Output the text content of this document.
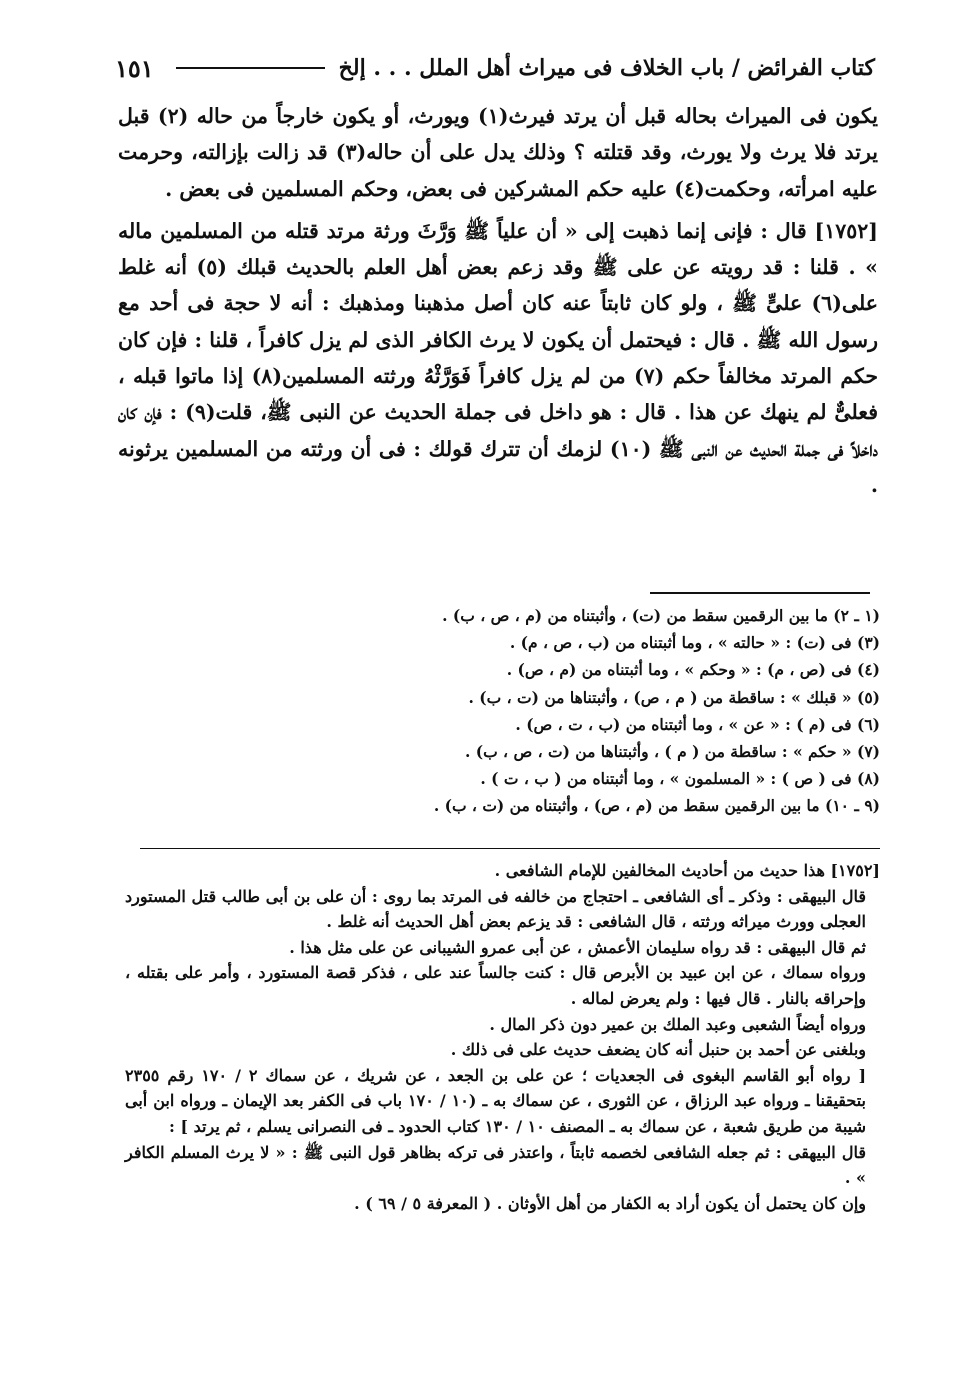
كتاب الفرائض / باب الخلاف فى ميراث أهل الملل . . . إلخ
١٥١

يكون فى الميراث بحاله قبل أن يرتد فيرث(١) ويورث، أو يكون خارجاً من حاله (٢) قبل يرتد فلا يرث ولا يورث، وقد قتلته ؟ وذلك يدل على أن حاله(٣) قد زالت بإزالته، وحرمت عليه امرأته، وحكمت(٤) عليه حكم المشركين فى بعض، وحكم المسلمين فى بعض .

[١٧٥٢] قال : فإنى إنما ذهبت إلى « أن علياً ﷺ وَرَّثَ ورثة مرتد قتله من المسلمين ماله » . قلنا : قد رويته عن على ﷺ وقد زعم بعض أهل العلم بالحديث قبلك (٥) أنه غلط على(٦) علىٍّ ﷺ ، ولو كان ثابتاً عنه كان أصل مذهبنا ومذهبك : أنه لا حجة فى أحد مع رسول الله ﷺ . قال : فيحتمل أن يكون لا يرث الكافر الذى لم يزل كافراً ، قلنا : فإن كان حكم المرتد مخالفاً حكم (٧) من لم يزل كافراً فَوَرَّثْهُ ورثته المسلمين(٨) إذا ماتوا قبله ، فعلىٌّ لم ينهك عن هذا . قال : هو داخل فى جملة الحديث عن النبى ﷺ، قلت(٩) : فإن كان داخلاً فى جملة الحديث عن النبى ﷺ (١٠) لزمك أن تترك قولك : فى أن ورثته من المسلمين يرثونه .

(١ ـ ٢) ما بين الرقمين سقط من (ت) ، وأثبتناه من (م ، ص ، ب) .

(٣) فى (ت) : « حالته » ، وما أثبتناه من (ب ، ص ، م) .

(٤) فى (ص ، م) : « وحكم » ، وما أثبتناه من (م ، ص) .

(٥) « قبلك » : ساقطة من ( م ، ص) ، وأثبتناها من (ت ، ب) .

(٦) فى (م ) : « عن » ، وما أثبتناه من (ب ، ت ، ص) .

(٧) « حكم » : ساقطة من ( م ) ، وأثبتناها من (ت ، ص ، ب) .

(٨) فى ( ص ) : « المسلمون » ، وما أثبتناه من ( ب ، ت ) .

(٩ ـ ١٠) ما بين الرقمين سقط من (م ، ص) ، وأثبتناه من (ت ، ب) .

[١٧٥٢] هذا حديث من أحاديث المخالفين للإمام الشافعى .

قال البيهقى : وذكر ـ أى الشافعى ـ احتجاج من خالفه فى المرتد بما روى : أن على بن أبى طالب قتل المستورد العجلى وورث ميراثه ورثته ، قال الشافعى : قد يزعم بعض أهل الحديث أنه غلط .

ثم قال البيهقى : قد رواه سليمان الأعمش ، عن أبى عمرو الشيبانى عن على مثل هذا .

ورواه سماك ، عن ابن عبيد بن الأبرص قال : كنت جالساً عند على ، فذكر قصة المستورد ، وأمر على بقتله ، وإحراقه بالنار . قال فيها : ولم يعرض لماله .

ورواه أيضاً الشعبى وعبد الملك بن عمير دون ذكر المال .

وبلغنى عن أحمد بن حنبل أنه كان يضعف حديث على فى ذلك .

[ رواه أبو القاسم البغوى فى الجعديات ؛ عن على بن الجعد ، عن شريك ، عن سماك ٢ / ١٧٠ رقم ٢٣٥٥ بتحقيقنا ـ ورواه عبد الرزاق ، عن الثورى ، عن سماك به ـ (١٠ / ١٧٠ باب فى الكفر بعد الإيمان ـ ورواه ابن أبى شيبة من طريق شعبة ، عن سماك به ـ المصنف ١٠ / ١٣٠ كتاب الحدود ـ فى النصرانى يسلم ، ثم يرتد ] :

قال البيهقى : ثم جعله الشافعى لخصمه ثابتاً ، واعتذر فى تركه بظاهر قول النبى ﷺ : « لا يرث المسلم الكافر » .

وإن كان يحتمل أن يكون أراد به الكفار من أهل الأوثان . ( المعرفة ٥ / ٦٩ ) .
